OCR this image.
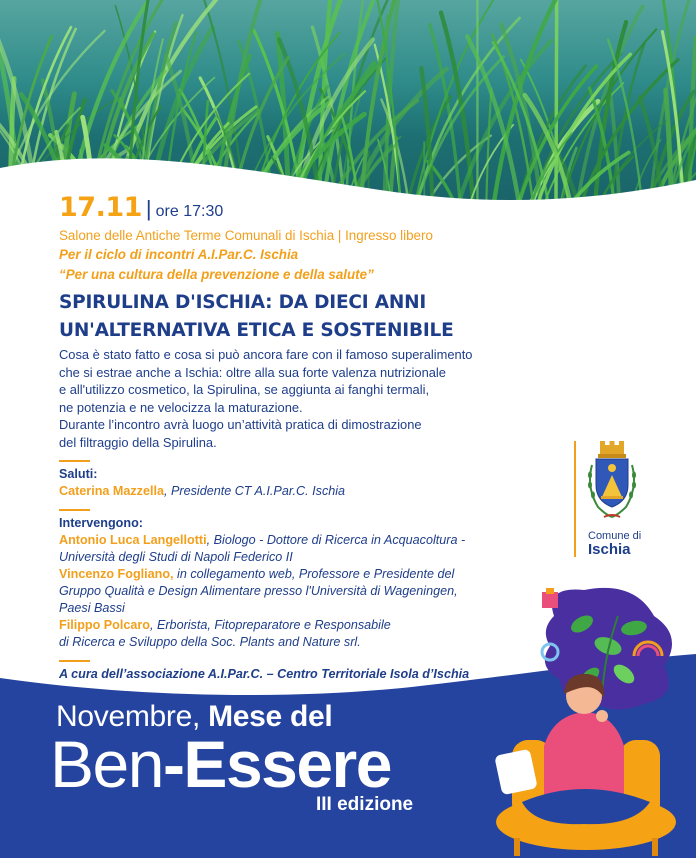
17.11 | ore 17:30
Salone delle Antiche Terme Comunali di Ischia | Ingresso libero
Per il ciclo di incontri A.I.Par.C. Ischia
“Per una cultura della prevenzione e della salute”
SPIRULINA D'ISCHIA: DA DIECI ANNI
UN'ALTERNATIVA ETICA E SOSTENIBILE
Cosa è stato fatto e cosa si può ancora fare con il famoso superalimento
che si estrae anche a Ischia: oltre alla sua forte valenza nutrizionale
e all'utilizzo cosmetico, la Spirulina, se aggiunta ai fanghi termali,
ne potenzia e ne velocizza la maturazione.
Durante l’incontro avrà luogo un’attività pratica di dimostrazione
del filtraggio della Spirulina.
Saluti:
Caterina Mazzella, Presidente CT A.I.Par.C. Ischia
Intervengono:
Antonio Luca Langellotti, Biologo - Dottore di Ricerca in Acquacoltura -
Università degli Studi di Napoli Federico II
Vincenzo Fogliano, in collegamento web, Professore e Presidente del
Gruppo Qualità e Design Alimentare presso l'Università di Wageningen,
Paesi Bassi
Filippo Polcaro, Erborista, Fitopreparatore e Responsabile
di Ricerca e Sviluppo della Soc. Plants and Nature srl.
A cura dell’associazione A.I.Par.C. – Centro Territoriale Isola d’Ischia
Comune di
Ischia
Novembre, Mese del
Ben-Essere
III edizione
